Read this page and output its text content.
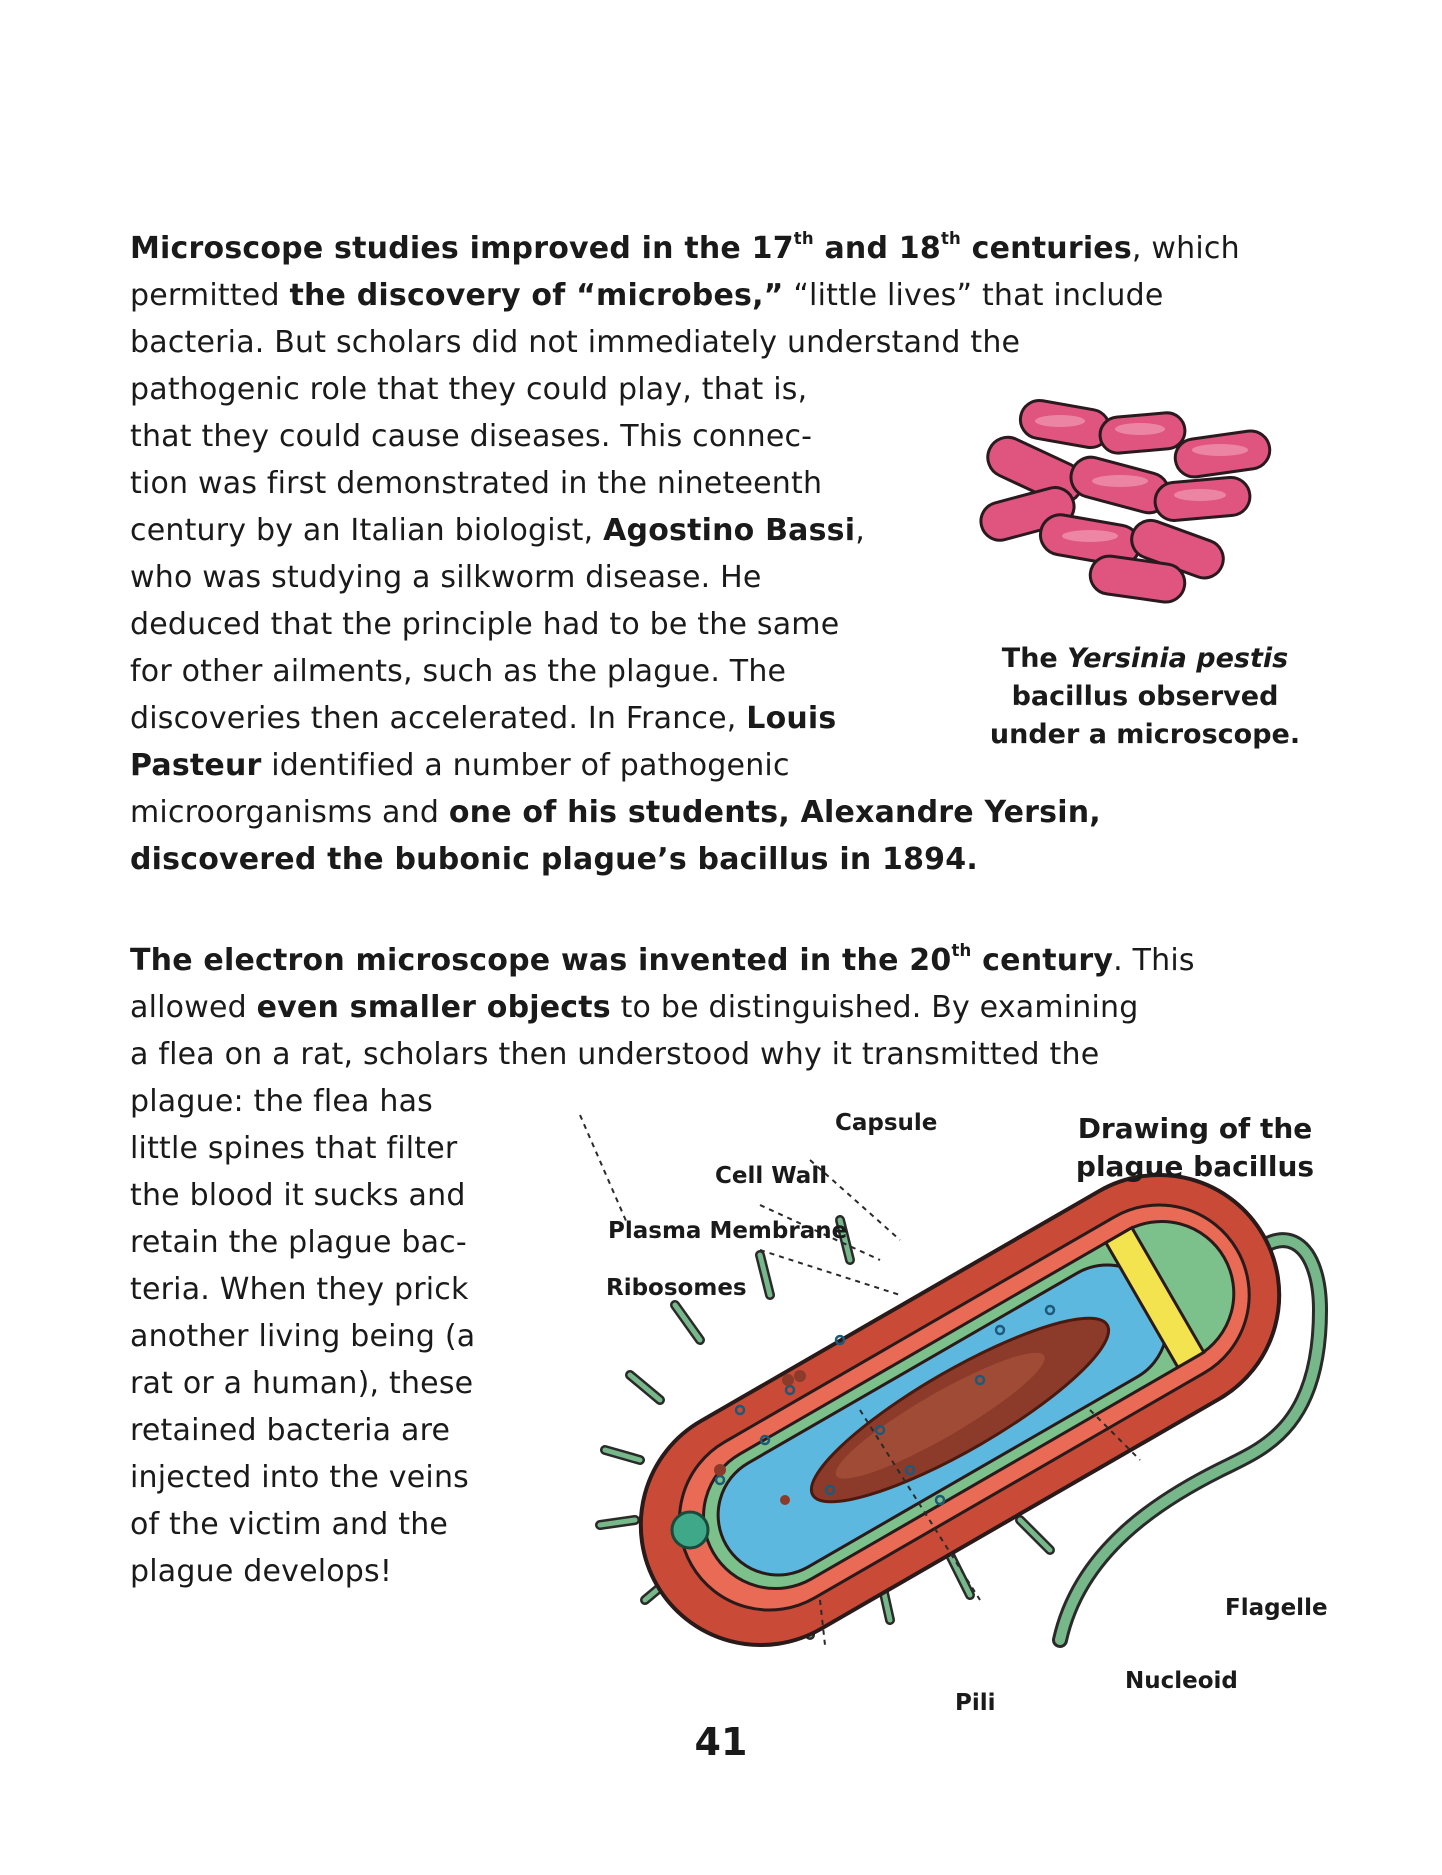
Microscope studies improved in the 17th and 18th centuries, which

permitted the discovery of “microbes,” “little lives” that include

bacteria. But scholars did not immediately understand the

pathogenic role that they could play, that is,

that they could cause diseases. This connec-

tion was first demonstrated in the nineteenth

century by an Italian biologist, Agostino Bassi,

who was studying a silkworm disease. He

deduced that the principle had to be the same

for other ailments, such as the plague. The

discoveries then accelerated. In France, Louis

Pasteur identified a number of pathogenic

microorganisms and one of his students, Alexandre Yersin,

discovered the bubonic plague’s bacillus in 1894.

The Yersinia pestis
bacillus observed
under a microscope.

The electron microscope was invented in the 20th century. This

allowed even smaller objects to be distinguished. By examining

a flea on a rat, scholars then understood why it transmitted the

plague: the flea has

little spines that filter

the blood it sucks and

retain the plague bac-

teria. When they prick

another living being (a

rat or a human), these

retained bacteria are

injected into the veins

of the victim and the

plague develops!

Drawing of the
plague bacillus
Capsule
Cell Wall
Plasma Membrane
Ribosomes
Flagelle
Nucleoid
Pili
41
